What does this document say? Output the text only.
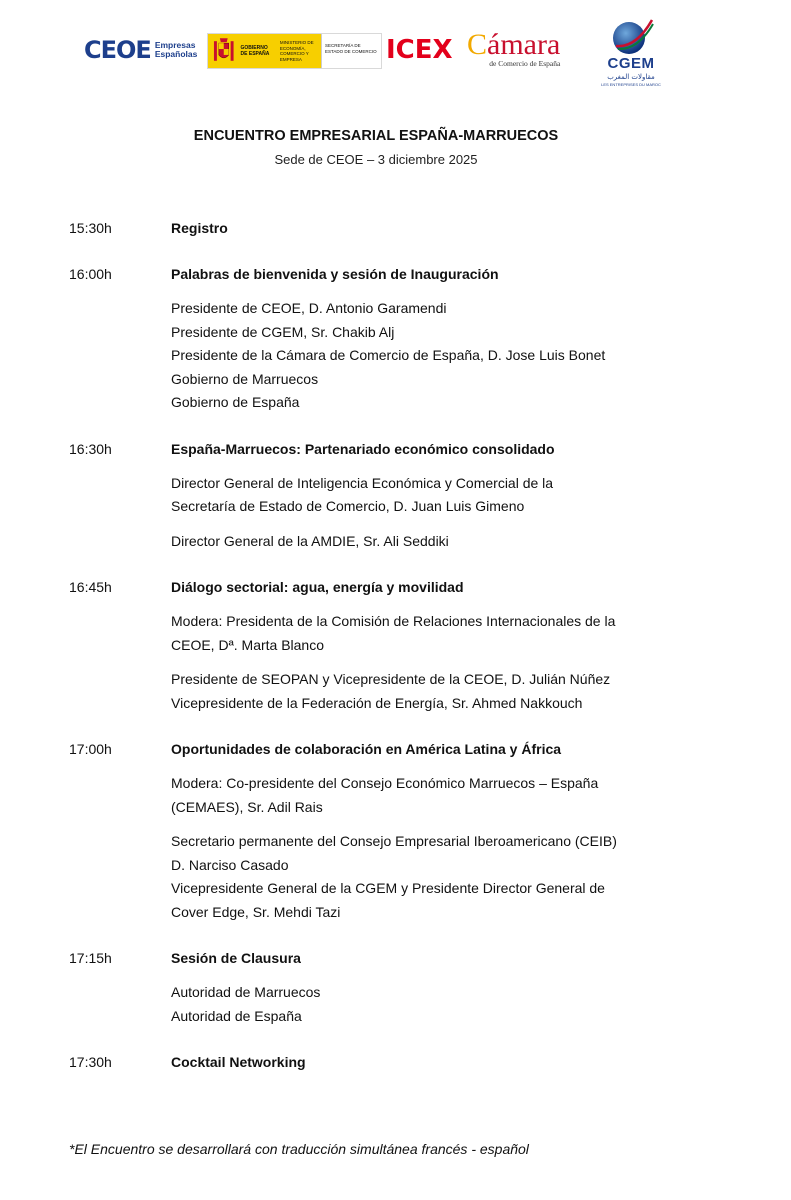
CEOE Empresas
Españolas
GOBIERNO DE ESPAÑA
MINISTERIO DE ECONOMÍA, COMERCIO Y EMPRESA
SECRETARÍA DE ESTADO DE COMERCIO ICEX Cámara
de Comercio de España	CGEM
مقاولات المغرب
LES ENTREPRISES DU MAROC
ENCUENTRO EMPRESARIAL ESPAÑA-MARRUECOS
Sede de CEOE – 3 diciembre 2025
15:30h	Registro
16:00h	Palabras de bienvenida y sesión de Inauguración
Presidente de CEOE, D. Antonio Garamendi
Presidente de CGEM, Sr. Chakib Alj
Presidente de la Cámara de Comercio de España, D. Jose Luis Bonet
Gobierno de Marruecos
Gobierno de España
16:30h	España-Marruecos: Partenariado económico consolidado
Director General de Inteligencia Económica y Comercial de la
Secretaría de Estado de Comercio, D. Juan Luis Gimeno
Director General de la AMDIE, Sr. Ali Seddiki
16:45h	Diálogo sectorial: agua, energía y movilidad
Modera: Presidenta de la Comisión de Relaciones Internacionales de la
CEOE, Dª. Marta Blanco
Presidente de SEOPAN y Vicepresidente de la CEOE, D. Julián Núñez
Vicepresidente de la Federación de Energía, Sr. Ahmed Nakkouch
17:00h	Oportunidades de colaboración en América Latina y África
Modera: Co-presidente del Consejo Económico Marruecos – España
(CEMAES), Sr. Adil Rais
Secretario permanente del Consejo Empresarial Iberoamericano (CEIB)
D. Narciso Casado
Vicepresidente General de la CGEM y Presidente Director General de
Cover Edge, Sr. Mehdi Tazi
17:15h	Sesión de Clausura
Autoridad de Marruecos
Autoridad de España
17:30h	Cocktail Networking
*El Encuentro se desarrollará con traducción simultánea francés - español
